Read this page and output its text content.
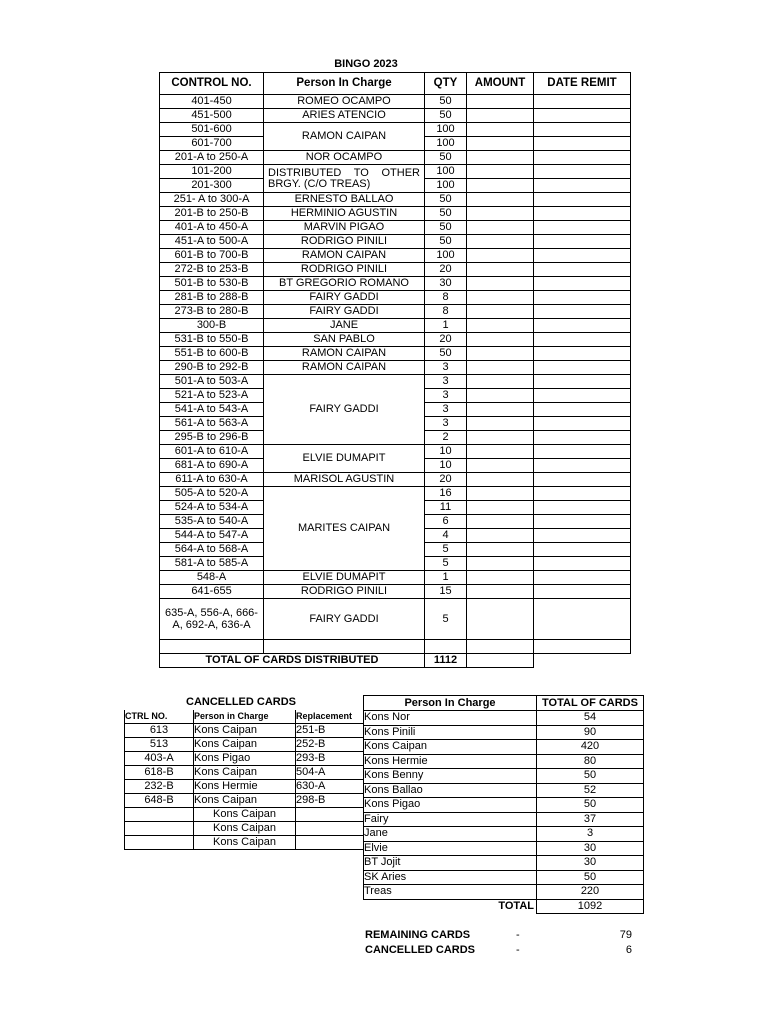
BINGO 2023
CONTROL NO.	Person In Charge	QTY	AMOUNT	DATE REMIT
401-450	ROMEO OCAMPO	50		
451-500	ARIES ATENCIO	50		
501-600	RAMON CAIPAN	100		
601-700		100		
201-A to 250-A	NOR OCAMPO	50		
101-200	DISTRIBUTED TO OTHER BRGY. (C/O TREAS)	100		
201-300		100		
251- A to 300-A	ERNESTO BALLAO	50		
201-B to 250-B	HERMINIO AGUSTIN	50		
401-A to 450-A	MARVIN PIGAO	50		
451-A to 500-A	RODRIGO PINILI	50		
601-B to 700-B	RAMON CAIPAN	100		
272-B to 253-B	RODRIGO PINILI	20		
501-B to 530-B	BT GREGORIO ROMANO	30		
281-B to 288-B	FAIRY GADDI	8		
273-B to 280-B	FAIRY GADDI	8		
300-B	JANE	1		
531-B to 550-B	SAN PABLO	20		
551-B to 600-B	RAMON CAIPAN	50		
290-B to 292-B	RAMON CAIPAN	3		
501-A to 503-A	FAIRY GADDI	3		
521-A to 523-A		3		
541-A to 543-A		3		
561-A to 563-A		3		
295-B to 296-B		2		
601-A to 610-A	ELVIE DUMAPIT	10		
681-A to 690-A		10		
611-A to 630-A	MARISOL AGUSTIN	20		
505-A to 520-A	MARITES CAIPAN	16		
524-A to 534-A		11		
535-A to 540-A		6		
544-A to 547-A		4		
564-A to 568-A		5		
581-A to 585-A		5		
548-A	ELVIE DUMAPIT	1		
641-655	RODRIGO PINILI	15		
635-A, 556-A, 666-A, 692-A, 636-A	FAIRY GADDI	5		

TOTAL OF CARDS DISTRIBUTED		1112		
CANCELLED CARDS
CTRL NO.	Person in Charge	Replacement
613	Kons Caipan	251-B
513	Kons Caipan	252-B
403-A	Kons Pigao	293-B
618-B	Kons Caipan	504-A
232-B	Kons Hermie	630-A
648-B	Kons Caipan	298-B
	Kons Caipan	
	Kons Caipan	
	Kons Caipan	
Person In Charge	TOTAL OF CARDS
Kons Nor	54
Kons Pinili	90
Kons Caipan	420
Kons Hermie	80
Kons Benny	50
Kons Ballao	52
Kons Pigao	50
Fairy	37
Jane	3
Elvie	30
BT Jojit	30
SK Aries	50
Treas	220
TOTAL	1092
REMAINING CARDS	-	79
CANCELLED CARDS	-	6
